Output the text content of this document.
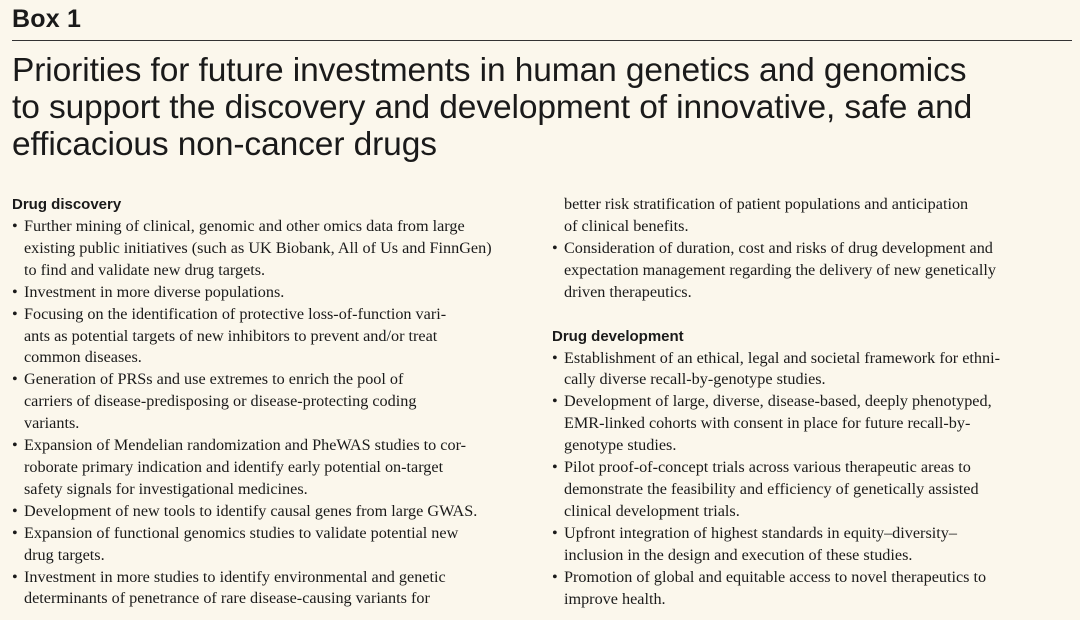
Box 1
Priorities for future investments in human genetics and genomics
to support the discovery and development of innovative, safe and
efficacious non-cancer drugs
Drug discovery
• Further mining of clinical, genomic and other omics data from large
existing public initiatives (such as UK Biobank, All of Us and FinnGen)
to find and validate new drug targets.
• Investment in more diverse populations.
• Focusing on the identification of protective loss-of-function vari-
ants as potential targets of new inhibitors to prevent and/or treat
common diseases.
• Generation of PRSs and use extremes to enrich the pool of
carriers of disease-predisposing or disease-protecting coding
variants.
• Expansion of Mendelian randomization and PheWAS studies to cor-
roborate primary indication and identify early potential on-target
safety signals for investigational medicines.
• Development of new tools to identify causal genes from large GWAS.
• Expansion of functional genomics studies to validate potential new
drug targets.
• Investment in more studies to identify environmental and genetic
determinants of penetrance of rare disease-causing variants for
better risk stratification of patient populations and anticipation
of clinical benefits.
• Consideration of duration, cost and risks of drug development and
expectation management regarding the delivery of new genetically
driven therapeutics.
Drug development
• Establishment of an ethical, legal and societal framework for ethni-
cally diverse recall-by-genotype studies.
• Development of large, diverse, disease-based, deeply phenotyped,
EMR-linked cohorts with consent in place for future recall-by-
genotype studies.
• Pilot proof-of-concept trials across various therapeutic areas to
demonstrate the feasibility and efficiency of genetically assisted
clinical development trials.
• Upfront integration of highest standards in equity–diversity–
inclusion in the design and execution of these studies.
• Promotion of global and equitable access to novel therapeutics to
improve health.
